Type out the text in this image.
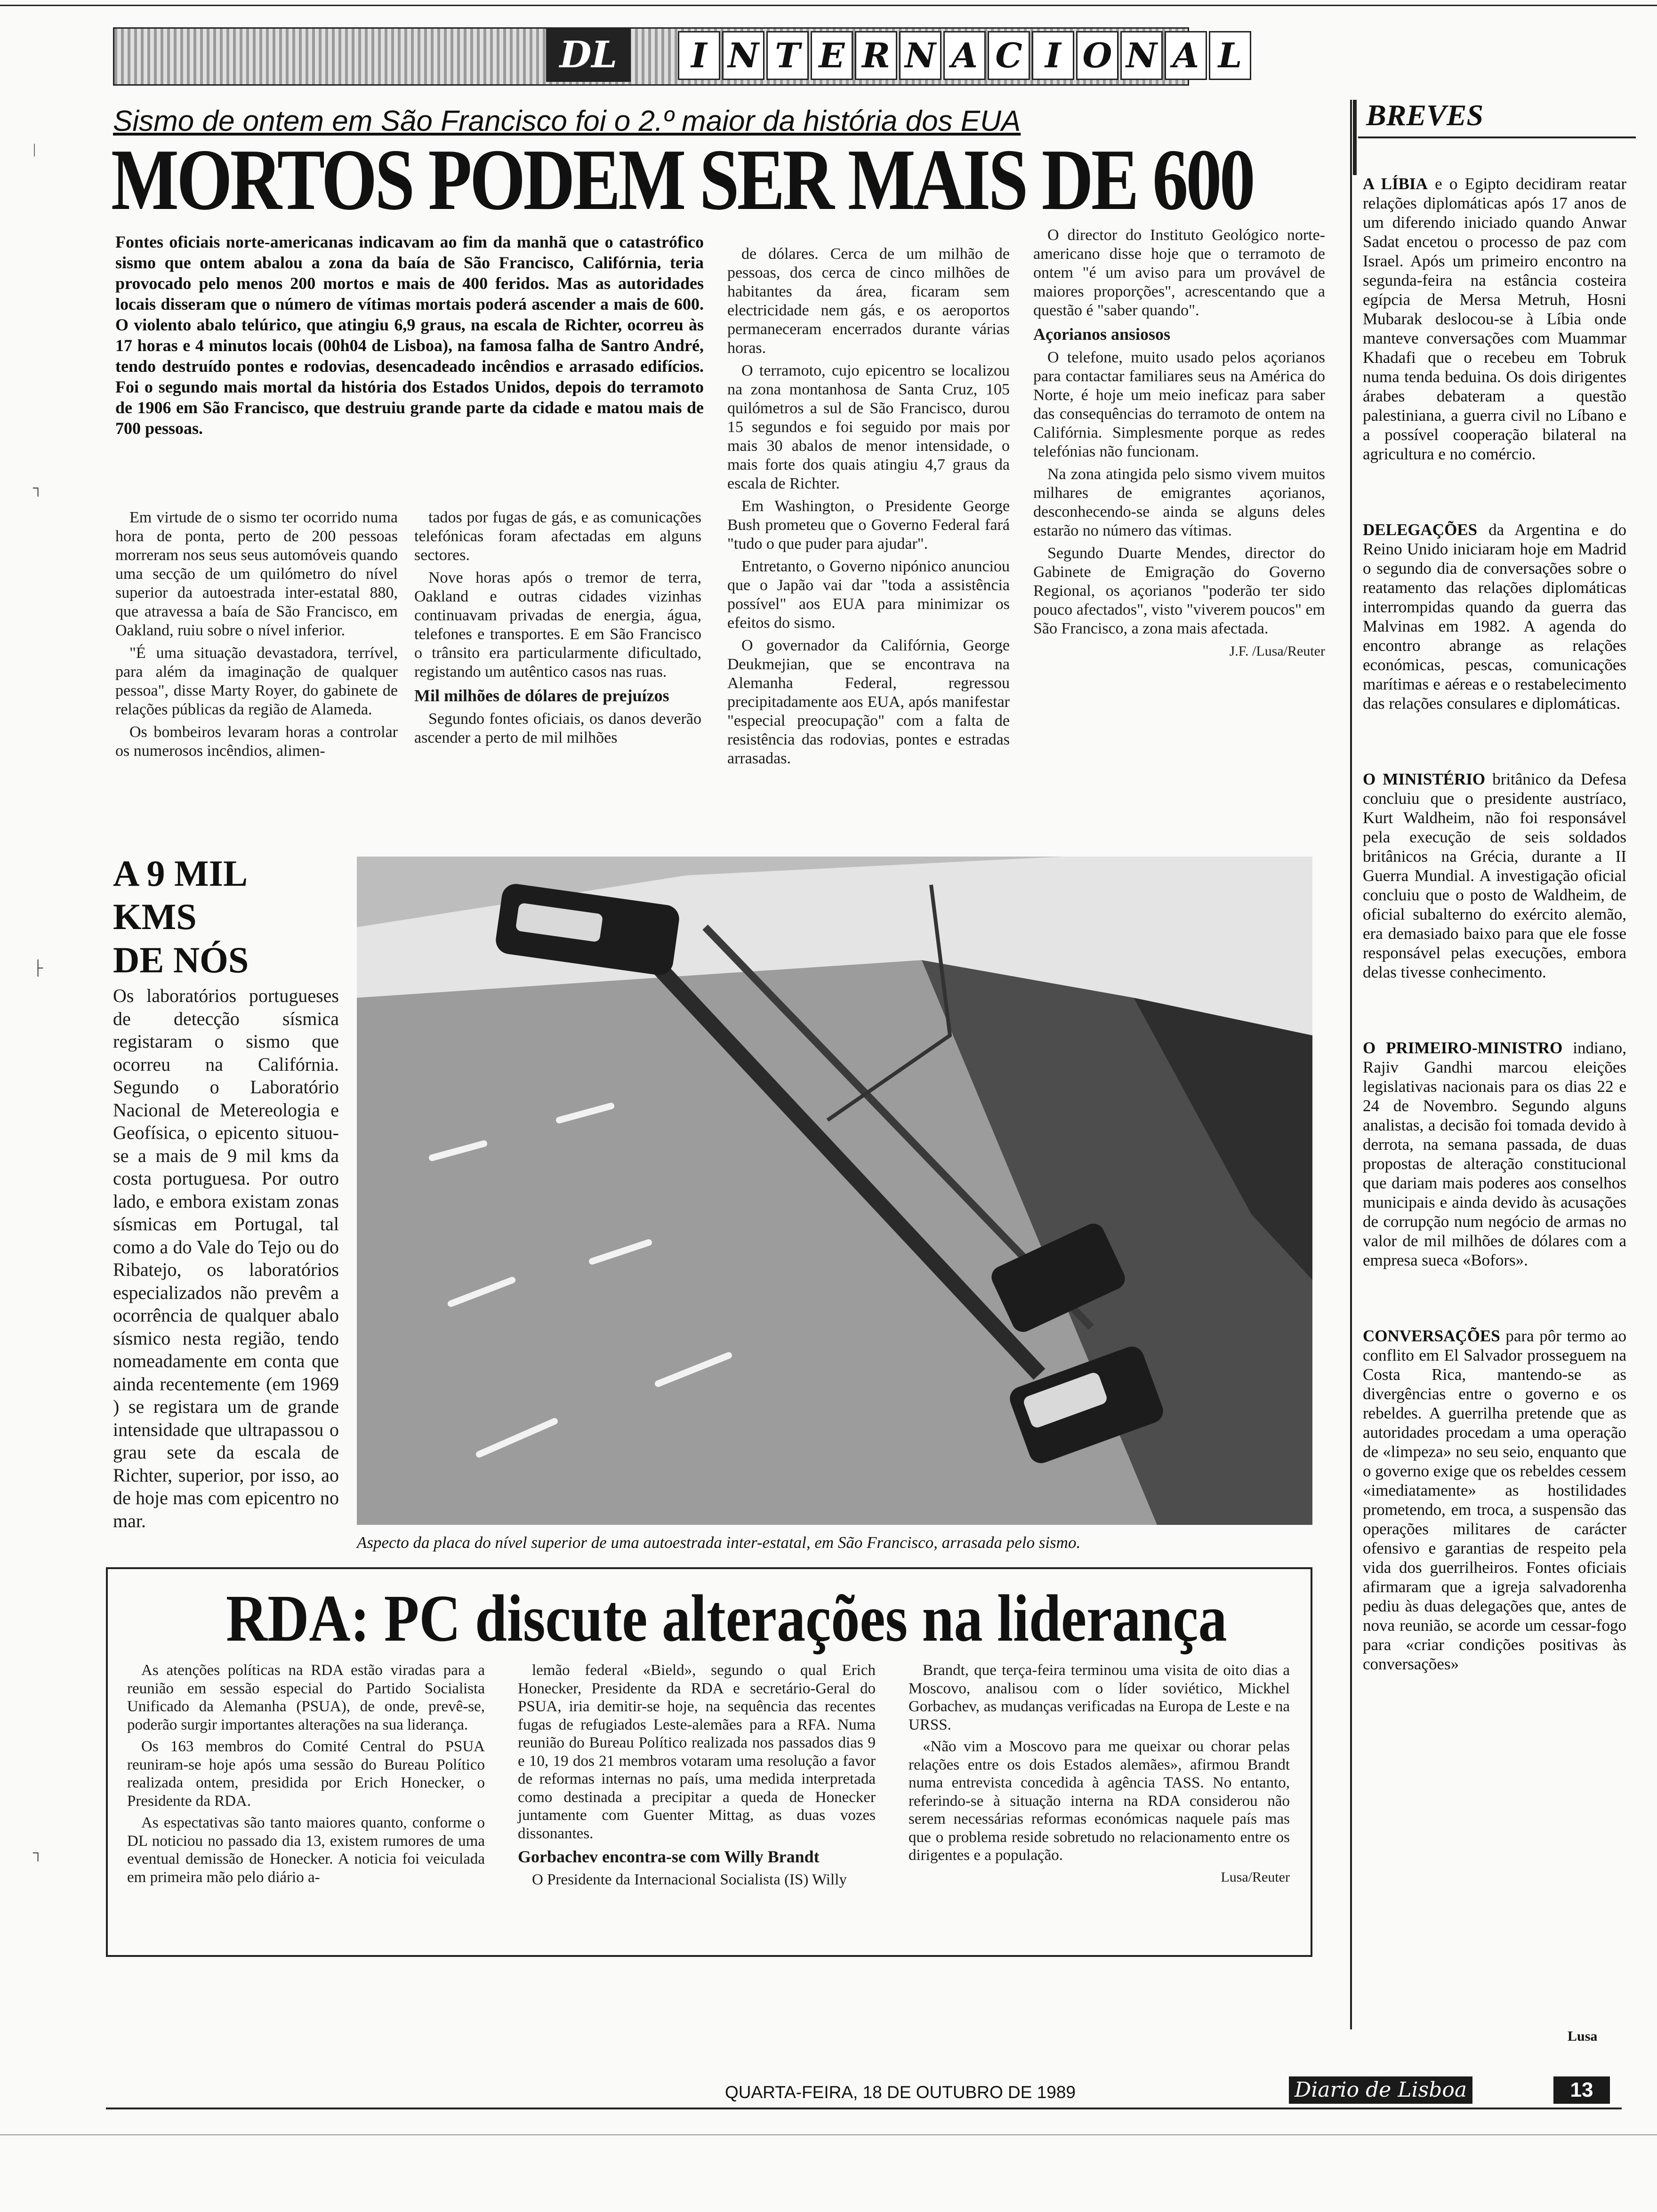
|
┐
├
┐
DL	I N T E R N A C I O N A L
Sismo de ontem em São Francisco foi o 2.º maior da história dos EUA
MORTOS PODEM SER MAIS DE 600
Fontes oficiais norte-americanas indicavam ao fim da manhã que o catastrófico sismo que ontem abalou a zona da baía de São Francisco, Califórnia, teria provocado pelo menos 200 mortos e mais de 400 feridos. Mas as autoridades locais disseram que o número de vítimas mortais poderá ascender a mais de 600. O violento abalo telúrico, que atingiu 6,9 graus, na escala de Richter, ocorreu às 17 horas e 4 minutos locais (00h04 de Lisboa), na famosa falha de Santro André, tendo destruído pontes e rodovias, desencadeado incêndios e arrasado edifícios. Foi o segundo mais mortal da história dos Estados Unidos, depois do terramoto de 1906 em São Francisco, que destruiu grande parte da cidade e matou mais de 700 pessoas.

Em virtude de o sismo ter ocorrido numa hora de ponta, perto de 200 pessoas morreram nos seus seus automóveis quando uma secção de um quilómetro do nível superior da autoestrada inter-estatal 880, que atravessa a baía de São Francisco, em Oakland, ruiu sobre o nível inferior.

"É uma situação devastadora, terrível, para além da imaginação de qualquer pessoa", disse Marty Royer, do gabinete de relações públicas da região de Alameda.

Os bombeiros levaram horas a controlar os numerosos incêndios, alimen-

tados por fugas de gás, e as comunicações telefónicas foram afectadas em alguns sectores.

Nove horas após o tremor de terra, Oakland e outras cidades vizinhas continuavam privadas de energia, água, telefones e transportes. E em São Francisco o trânsito era particularmente dificultado, registando um autêntico casos nas ruas.

Mil milhões de dólares de prejuízos

Segundo fontes oficiais, os danos deverão ascender a perto de mil milhões

de dólares. Cerca de um milhão de pessoas, dos cerca de cinco milhões de habitantes da área, ficaram sem electricidade nem gás, e os aeroportos permaneceram encerrados durante várias horas.

O terramoto, cujo epicentro se localizou na zona montanhosa de Santa Cruz, 105 quilómetros a sul de São Francisco, durou 15 segundos e foi seguido por mais por mais 30 abalos de menor intensidade, o mais forte dos quais atingiu 4,7 graus da escala de Richter.

Em Washington, o Presidente George Bush prometeu que o Governo Federal fará "tudo o que puder para ajudar".

Entretanto, o Governo nipónico anunciou que o Japão vai dar "toda a assistência possível" aos EUA para minimizar os efeitos do sismo.

O governador da Califórnia, George Deukmejian, que se encontrava na Alemanha Federal, regressou precipitadamente aos EUA, após manifestar "especial preocupação" com a falta de resistência das rodovias, pontes e estradas arrasadas.

O director do Instituto Geológico norte-americano disse hoje que o terramoto de ontem "é um aviso para um provável de maiores proporções", acrescentando que a questão é "saber quando".

Açorianos ansiosos

O telefone, muito usado pelos açorianos para contactar familiares seus na América do Norte, é hoje um meio ineficaz para saber das consequências do terramoto de ontem na Califórnia. Simplesmente porque as redes telefónias não funcionam.

Na zona atingida pelo sismo vivem muitos milhares de emigrantes açorianos, desconhecendo-se ainda se alguns deles estarão no número das vítimas.

Segundo Duarte Mendes, director do Gabinete de Emigração do Governo Regional, os açorianos "poderão ter sido pouco afectados", visto "viverem poucos" em São Francisco, a zona mais afectada.

J.F. /Lusa/Reuter

A 9 MIL
KMS
DE NÓS
Os laboratórios portugueses de detecção sísmica registaram o sismo que ocorreu na Califórnia. Segundo o Laboratório Nacional de Metereologia e Geofísica, o epicento situou-se a mais de 9 mil kms da costa portuguesa. Por outro lado, e embora existam zonas sísmicas em Portugal, tal como a do Vale do Tejo ou do Ribatejo, os laboratórios especializados não prevêm a ocorrência de qualquer abalo sísmico nesta região, tendo nomeadamente em conta que ainda recentemente (em 1969 ) se registara um de grande intensidade que ultrapassou o grau sete da escala de Richter, superior, por isso, ao de hoje mas com epicentro no mar.
Aspecto da placa do nível superior de uma autoestrada inter-estatal, em São Francisco, arrasada pelo sismo.
RDA: PC discute alterações na liderança

As atenções políticas na RDA estão viradas para a reunião em sessão especial do Partido Socialista Unificado da Alemanha (PSUA), de onde, prevê-se, poderão surgir importantes alterações na sua liderança.

Os 163 membros do Comité Central do PSUA reuniram-se hoje após uma sessão do Bureau Político realizada ontem, presidida por Erich Honecker, o Presidente da RDA.

As espectativas são tanto maiores quanto, conforme o DL noticiou no passado dia 13, existem rumores de uma eventual demissão de Honecker. A noticia foi veiculada em primeira mão pelo diário a-

lemão federal «Bield», segundo o qual Erich Honecker, Presidente da RDA e secretário-Geral do PSUA, iria demitir-se hoje, na sequência das recentes fugas de refugiados Leste-alemães para a RFA. Numa reunião do Bureau Político realizada nos passados dias 9 e 10, 19 dos 21 membros votaram uma resolução a favor de reformas internas no país, uma medida interpretada como destinada a precipitar a queda de Honecker juntamente com Guenter Mittag, as duas vozes dissonantes.

Gorbachev encontra-se com Willy Brandt

O Presidente da Internacional Socialista (IS) Willy

Brandt, que terça-feira terminou uma visita de oito dias a Moscovo, analisou com o líder soviético, Mickhel Gorbachev, as mudanças verificadas na Europa de Leste e na URSS.

«Não vim a Moscovo para me queixar ou chorar pelas relações entre os dois Estados alemães», afirmou Brandt numa entrevista concedida à agência TASS. No entanto, referindo-se à situação interna na RDA considerou não serem necessárias reformas económicas naquele país mas que o problema reside sobretudo no relacionamento entre os dirigentes e a população.

Lusa/Reuter

BREVES
A LÍBIA e o Egipto decidiram reatar relações diplomáticas após 17 anos de um diferendo iniciado quando Anwar Sadat encetou o processo de paz com Israel. Após um primeiro encontro na segunda-feira na estância costeira egípcia de Mersa Metruh, Hosni Mubarak deslocou-se à Líbia onde manteve conversações com Muammar Khadafi que o recebeu em Tobruk numa tenda beduina. Os dois dirigentes árabes debateram a questão palestiniana, a guerra civil no Líbano e a possível cooperação bilateral na agricultura e no comércio.
DELEGAÇÕES da Argentina e do Reino Unido iniciaram hoje em Madrid o segundo dia de conversações sobre o reatamento das relações diplomáticas interrompidas quando da guerra das Malvinas em 1982. A agenda do encontro abrange as relações económicas, pescas, comunicações marítimas e aéreas e o restabelecimento das relações consulares e diplomáticas.
O MINISTÉRIO britânico da Defesa concluiu que o presidente austríaco, Kurt Waldheim, não foi responsável pela execução de seis soldados britânicos na Grécia, durante a II Guerra Mundial. A investigação oficial concluiu que o posto de Waldheim, de oficial subalterno do exército alemão, era demasiado baixo para que ele fosse responsável pelas execuções, embora delas tivesse conhecimento.
O PRIMEIRO-MINISTRO indiano, Rajiv Gandhi marcou eleições legislativas nacionais para os dias 22 e 24 de Novembro. Segundo alguns analistas, a decisão foi tomada devido à derrota, na semana passada, de duas propostas de alteração constitucional que dariam mais poderes aos conselhos municipais e ainda devido às acusações de corrupção num negócio de armas no valor de mil milhões de dólares com a empresa sueca «Bofors».
CONVERSAÇÕES para pôr termo ao conflito em El Salvador prosseguem na Costa Rica, mantendo-se as divergências entre o governo e os rebeldes. A guerrilha pretende que as autoridades procedam a uma operação de «limpeza» no seu seio, enquanto que o governo exige que os rebeldes cessem «imediatamente» as hostilidades prometendo, em troca, a suspensão das operações militares de carácter ofensivo e garantias de respeito pela vida dos guerrilheiros. Fontes oficiais afirmaram que a igreja salvadorenha pediu às duas delegações que, antes de nova reunião, se acorde um cessar-fogo para «criar condições positivas às conversações»
Lusa
QUARTA-FEIRA, 18 DE OUTUBRO DE 1989	Diario de Lisboa	13
